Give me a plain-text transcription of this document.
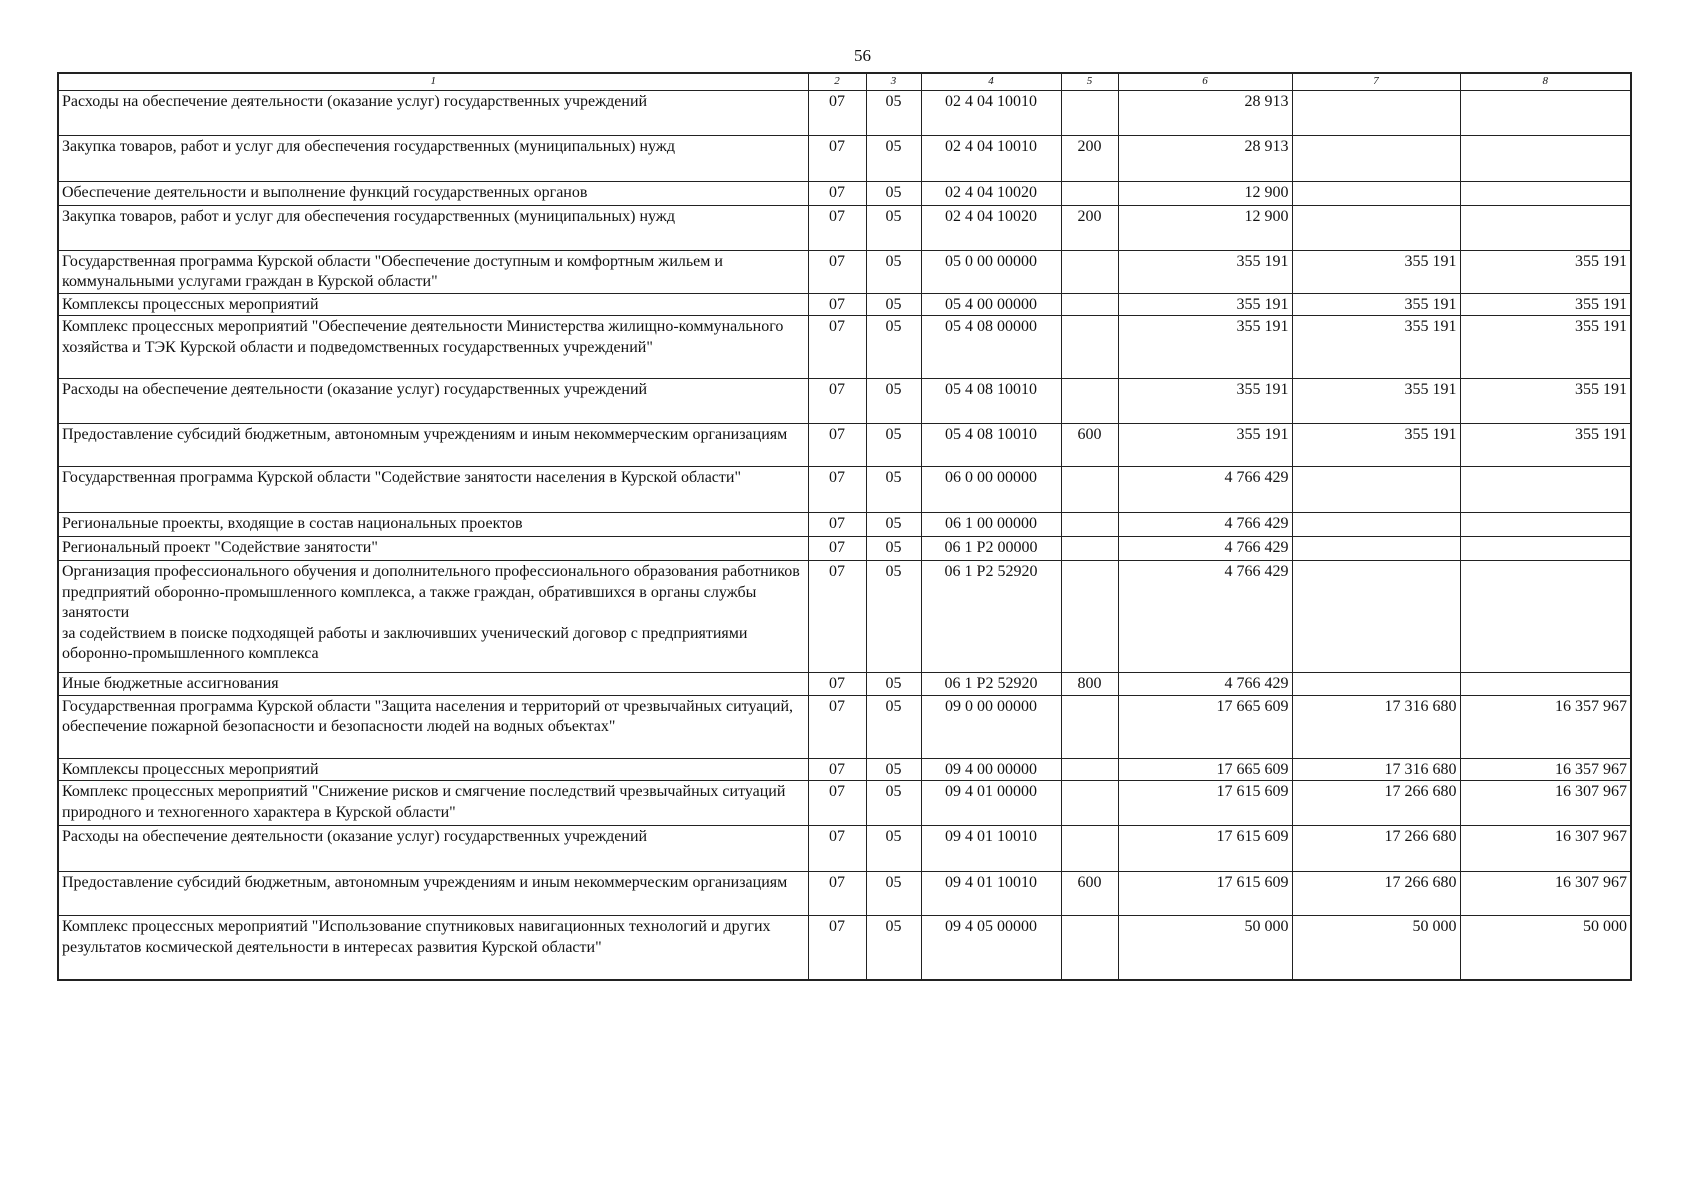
56
1	2	3	4	5	6	7	8
Расходы на обеспечение деятельности (оказание услуг) государственных учреждений	07	05	02 4 04 10010		28 913		
Закупка товаров, работ и услуг для обеспечения государственных (муниципальных) нужд	07	05	02 4 04 10010	200	28 913		
Обеспечение деятельности и выполнение функций государственных органов	07	05	02 4 04 10020		12 900		
Закупка товаров, работ и услуг для обеспечения государственных (муниципальных) нужд	07	05	02 4 04 10020	200	12 900		
Государственная программа Курской области "Обеспечение доступным и комфортным жильем и коммунальными услугами граждан в Курской области"	07	05	05 0 00 00000		355 191	355 191	355 191
Комплексы процессных мероприятий	07	05	05 4 00 00000		355 191	355 191	355 191
Комплекс процессных мероприятий "Обеспечение деятельности Министерства жилищно-коммунального хозяйства и ТЭК Курской области и подведомственных государственных учреждений"	07	05	05 4 08 00000		355 191	355 191	355 191
Расходы на обеспечение деятельности (оказание услуг) государственных учреждений	07	05	05 4 08 10010		355 191	355 191	355 191
Предоставление субсидий бюджетным, автономным учреждениям и иным некоммерческим организациям	07	05	05 4 08 10010	600	355 191	355 191	355 191
Государственная программа Курской области "Содействие занятости населения в Курской области"	07	05	06 0 00 00000		4 766 429		
Региональные проекты, входящие в состав национальных проектов	07	05	06 1 00 00000		4 766 429		
Региональный проект "Содействие занятости"	07	05	06 1 P2 00000		4 766 429		
Организация профессионального обучения и дополнительного профессионального образования работников предприятий оборонно-промышленного комплекса, а также граждан, обратившихся в органы службы занятости
за содействием в поиске подходящей работы и заключивших ученический договор с предприятиями оборонно-промышленного комплекса	07	05	06 1 P2 52920		4 766 429		
Иные бюджетные ассигнования	07	05	06 1 P2 52920	800	4 766 429		
Государственная программа Курской области "Защита населения и территорий от чрезвычайных ситуаций, обеспечение пожарной безопасности и безопасности людей на водных объектах"	07	05	09 0 00 00000		17 665 609	17 316 680	16 357 967
Комплексы процессных мероприятий	07	05	09 4 00 00000		17 665 609	17 316 680	16 357 967
Комплекс процессных мероприятий "Снижение рисков и смягчение последствий чрезвычайных ситуаций природного и техногенного характера в Курской области"	07	05	09 4 01 00000		17 615 609	17 266 680	16 307 967
Расходы на обеспечение деятельности (оказание услуг) государственных учреждений	07	05	09 4 01 10010		17 615 609	17 266 680	16 307 967
Предоставление субсидий бюджетным, автономным учреждениям и иным некоммерческим организациям	07	05	09 4 01 10010	600	17 615 609	17 266 680	16 307 967
Комплекс процессных мероприятий "Использование спутниковых навигационных технологий и других результатов космической деятельности в интересах развития Курской области"	07	05	09 4 05 00000		50 000	50 000	50 000
